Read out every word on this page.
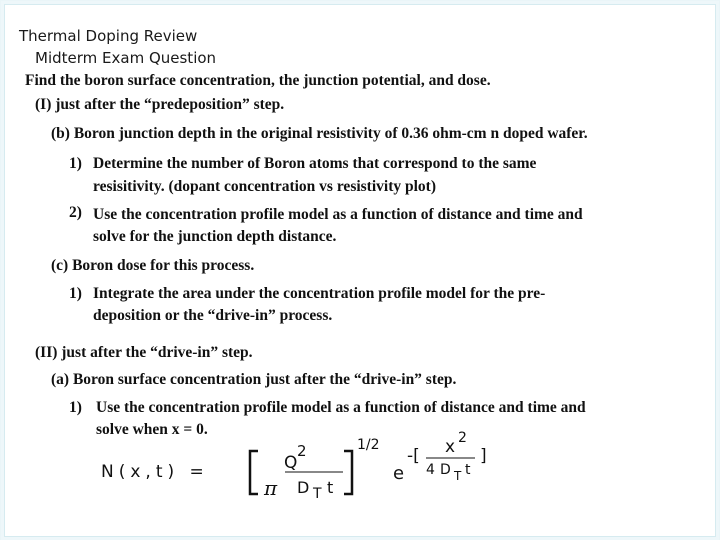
Thermal Doping Review
Midterm Exam Question
Find the boron surface concentration, the junction potential, and dose.
(I) just after the “predeposition” step.
(b) Boron junction depth in the original resistivity of 0.36 ohm-cm n doped wafer.
1) Determine the number of Boron atoms that correspond to the same
resisitivity. (dopant concentration vs resistivity plot)
2) Use the concentration profile model as a function of distance and time and
solve for the junction depth distance.
(c) Boron dose for this process.
1) Integrate the area under the concentration profile model for the pre-
deposition or the “drive-in” process.
(II) just after the “drive-in” step.
(a) Boron surface concentration just after the “drive-in” step.
1) Use the concentration profile model as a function of distance and time and
solve when x = 0.
N(x,t) =	Q
2
π D T t
1/2
e
-[ x 2
4 D T t
]
